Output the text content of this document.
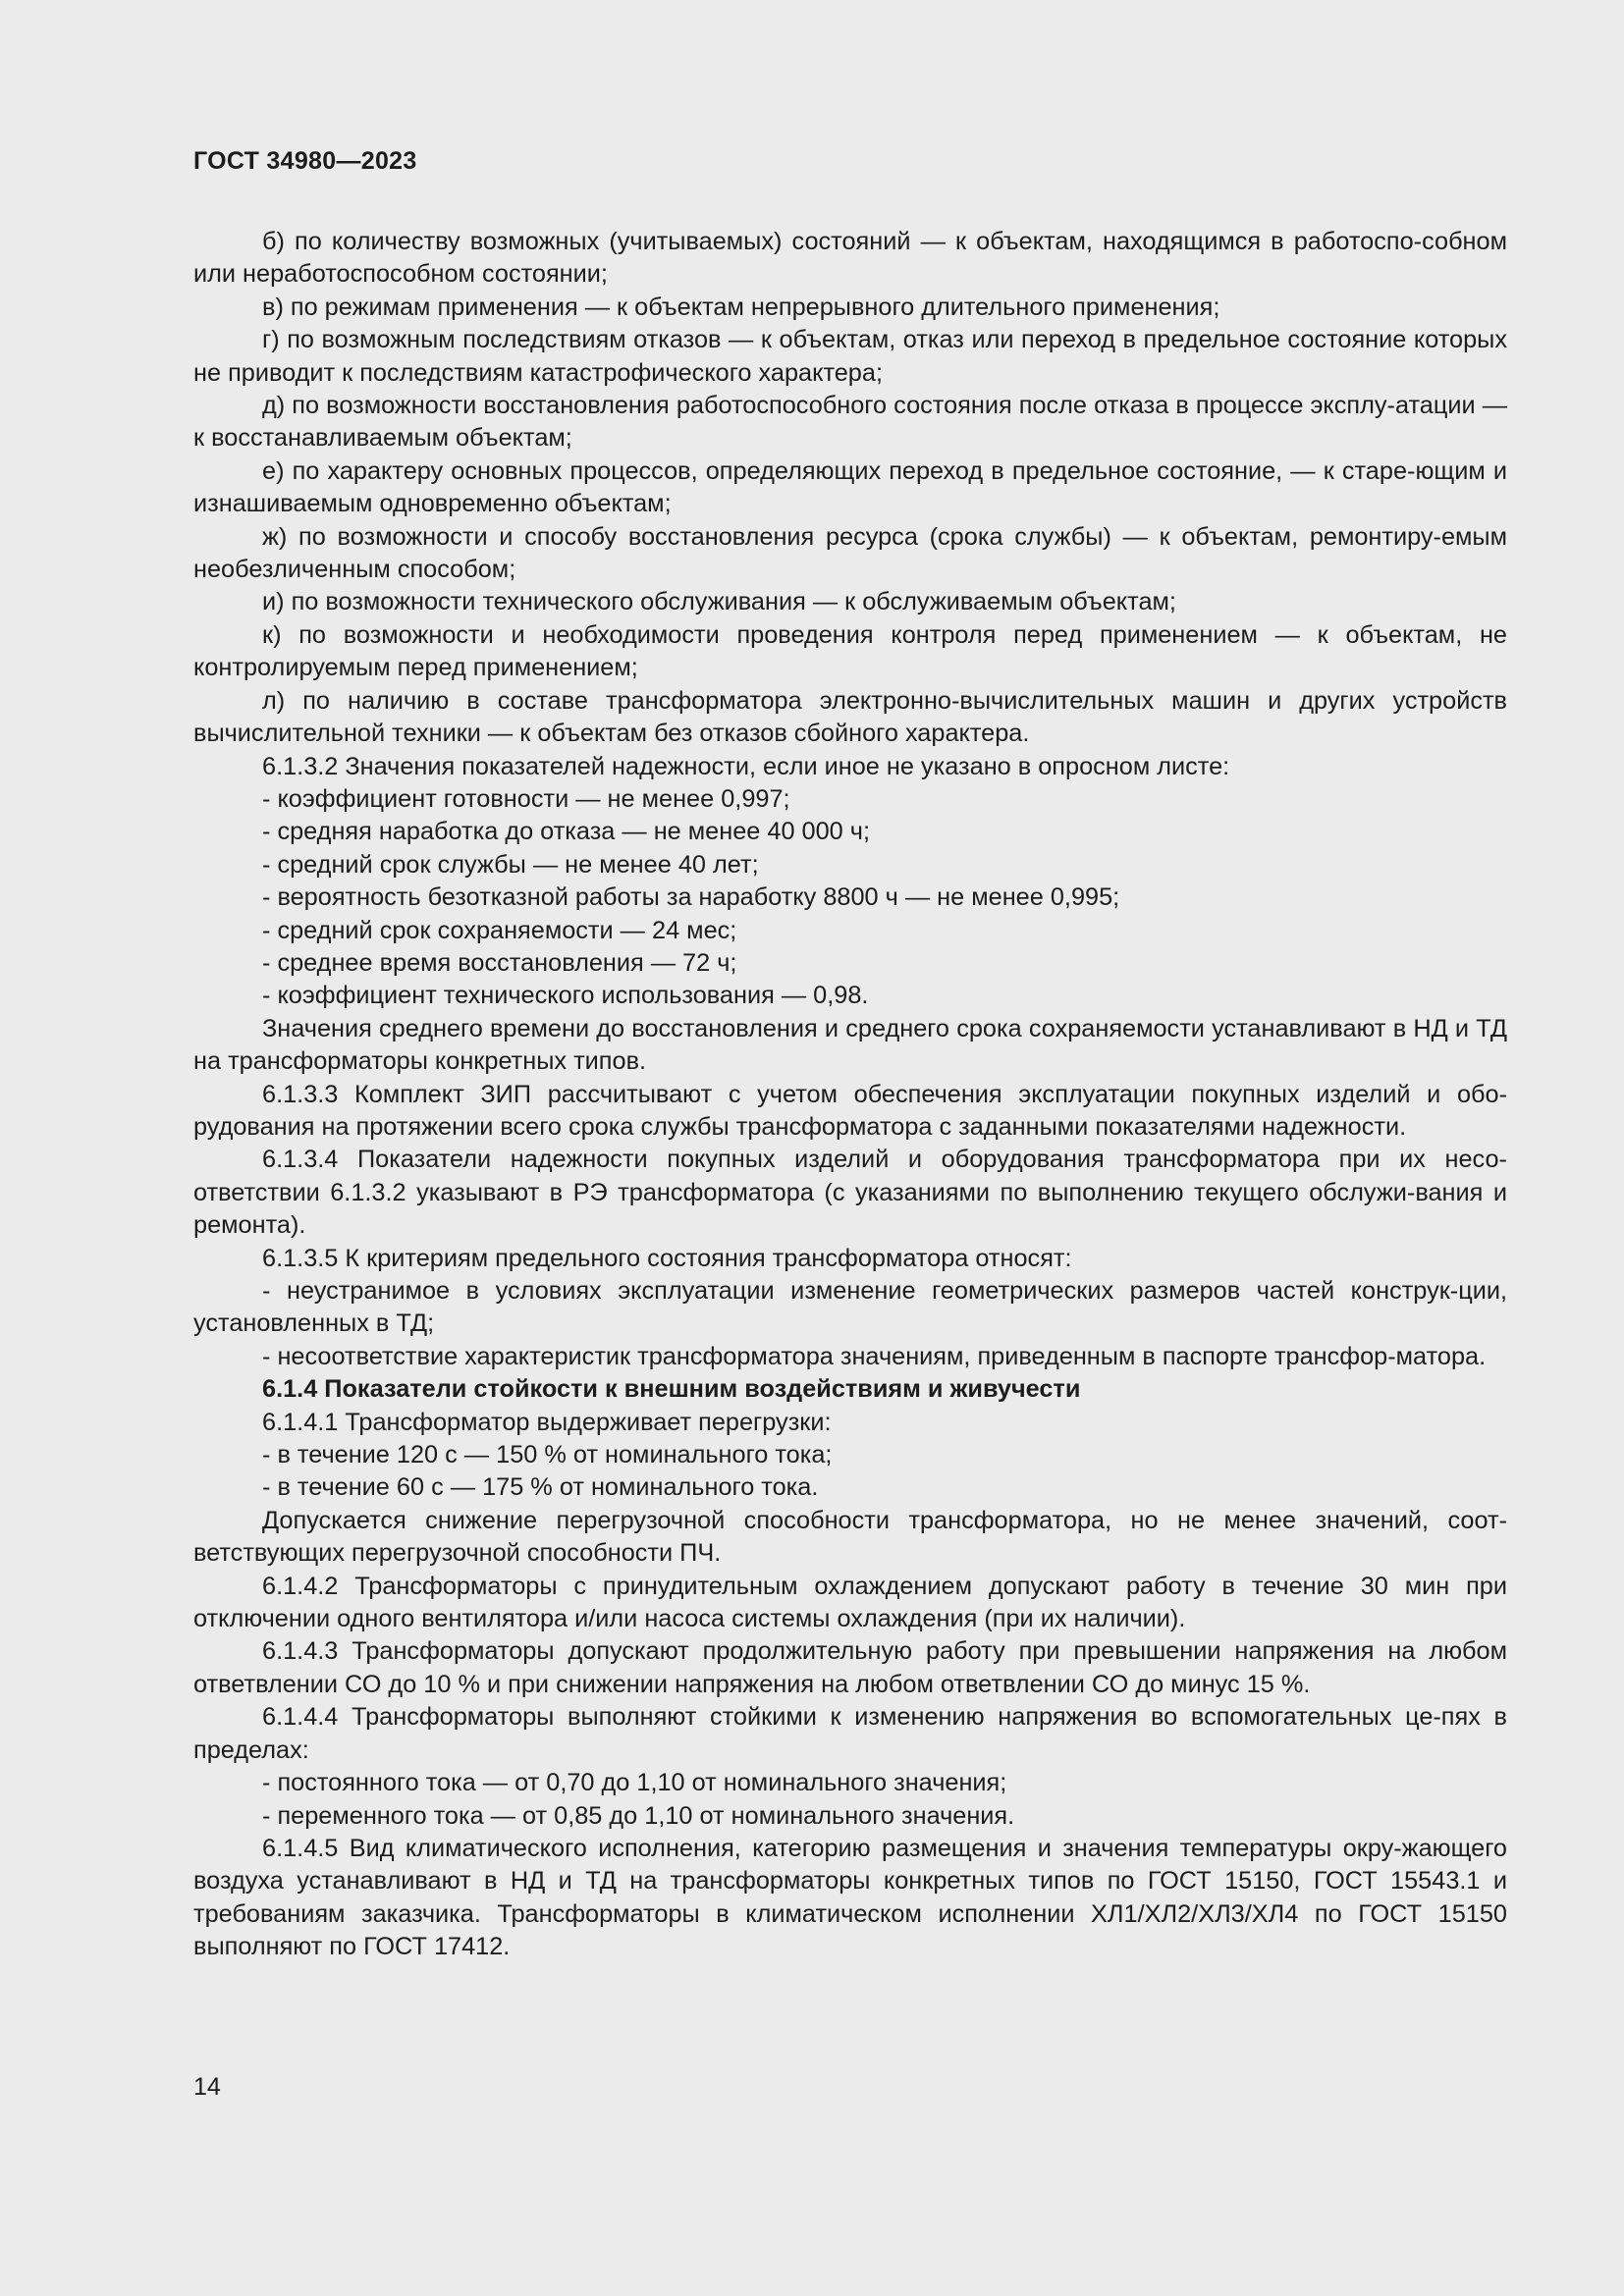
ГОСТ 34980—2023

б) по количеству возможных (учитываемых) состояний — к объектам, находящимся в работоспо-собном или неработоспособном состоянии;

в) по режимам применения — к объектам непрерывного длительного применения;

г) по возможным последствиям отказов — к объектам, отказ или переход в предельное состояние которых не приводит к последствиям катастрофического характера;

д) по возможности восстановления работоспособного состояния после отказа в процессе эксплу-атации — к восстанавливаемым объектам;

е) по характеру основных процессов, определяющих переход в предельное состояние, — к старе-ющим и изнашиваемым одновременно объектам;

ж) по возможности и способу восстановления ресурса (срока службы) — к объектам, ремонтиру-емым необезличенным способом;

и) по возможности технического обслуживания — к обслуживаемым объектам;

к) по возможности и необходимости проведения контроля перед применением — к объектам, не контролируемым перед применением;

л) по наличию в составе трансформатора электронно-вычислительных машин и других устройств вычислительной техники — к объектам без отказов сбойного характера.

6.1.3.2 Значения показателей надежности, если иное не указано в опросном листе:

- коэффициент готовности — не менее 0,997;

- средняя наработка до отказа — не менее 40 000 ч;

- средний срок службы — не менее 40 лет;

- вероятность безотказной работы за наработку 8800 ч — не менее 0,995;

- средний срок сохраняемости — 24 мес;

- среднее время восстановления — 72 ч;

- коэффициент технического использования — 0,98.

Значения среднего времени до восстановления и среднего срока сохраняемости устанавливают в НД и ТД на трансформаторы конкретных типов.

6.1.3.3 Комплект ЗИП рассчитывают с учетом обеспечения эксплуатации покупных изделий и обо-рудования на протяжении всего срока службы трансформатора с заданными показателями надежности.

6.1.3.4 Показатели надежности покупных изделий и оборудования трансформатора при их несо-ответствии 6.1.3.2 указывают в РЭ трансформатора (с указаниями по выполнению текущего обслужи-вания и ремонта).

6.1.3.5 К критериям предельного состояния трансформатора относят:

- неустранимое в условиях эксплуатации изменение геометрических размеров частей конструк-ции, установленных в ТД;

- несоответствие характеристик трансформатора значениям, приведенным в паспорте трансфор-матора.

6.1.4 Показатели стойкости к внешним воздействиям и живучести

6.1.4.1 Трансформатор выдерживает перегрузки:

- в течение 120 с — 150 % от номинального тока;

- в течение 60 с — 175 % от номинального тока.

Допускается снижение перегрузочной способности трансформатора, но не менее значений, соот-ветствующих перегрузочной способности ПЧ.

6.1.4.2 Трансформаторы с принудительным охлаждением допускают работу в течение 30 мин при отключении одного вентилятора и/или насоса системы охлаждения (при их наличии).

6.1.4.3 Трансформаторы допускают продолжительную работу при превышении напряжения на любом ответвлении СО до 10 % и при снижении напряжения на любом ответвлении СО до минус 15 %.

6.1.4.4 Трансформаторы выполняют стойкими к изменению напряжения во вспомогательных це-пях в пределах:

- постоянного тока — от 0,70 до 1,10 от номинального значения;

- переменного тока — от 0,85 до 1,10 от номинального значения.

6.1.4.5 Вид климатического исполнения, категорию размещения и значения температуры окру-жающего воздуха устанавливают в НД и ТД на трансформаторы конкретных типов по ГОСТ 15150, ГОСТ 15543.1 и требованиям заказчика. Трансформаторы в климатическом исполнении ХЛ1/ХЛ2/ХЛ3/ХЛ4 по ГОСТ 15150 выполняют по ГОСТ 17412.

14
